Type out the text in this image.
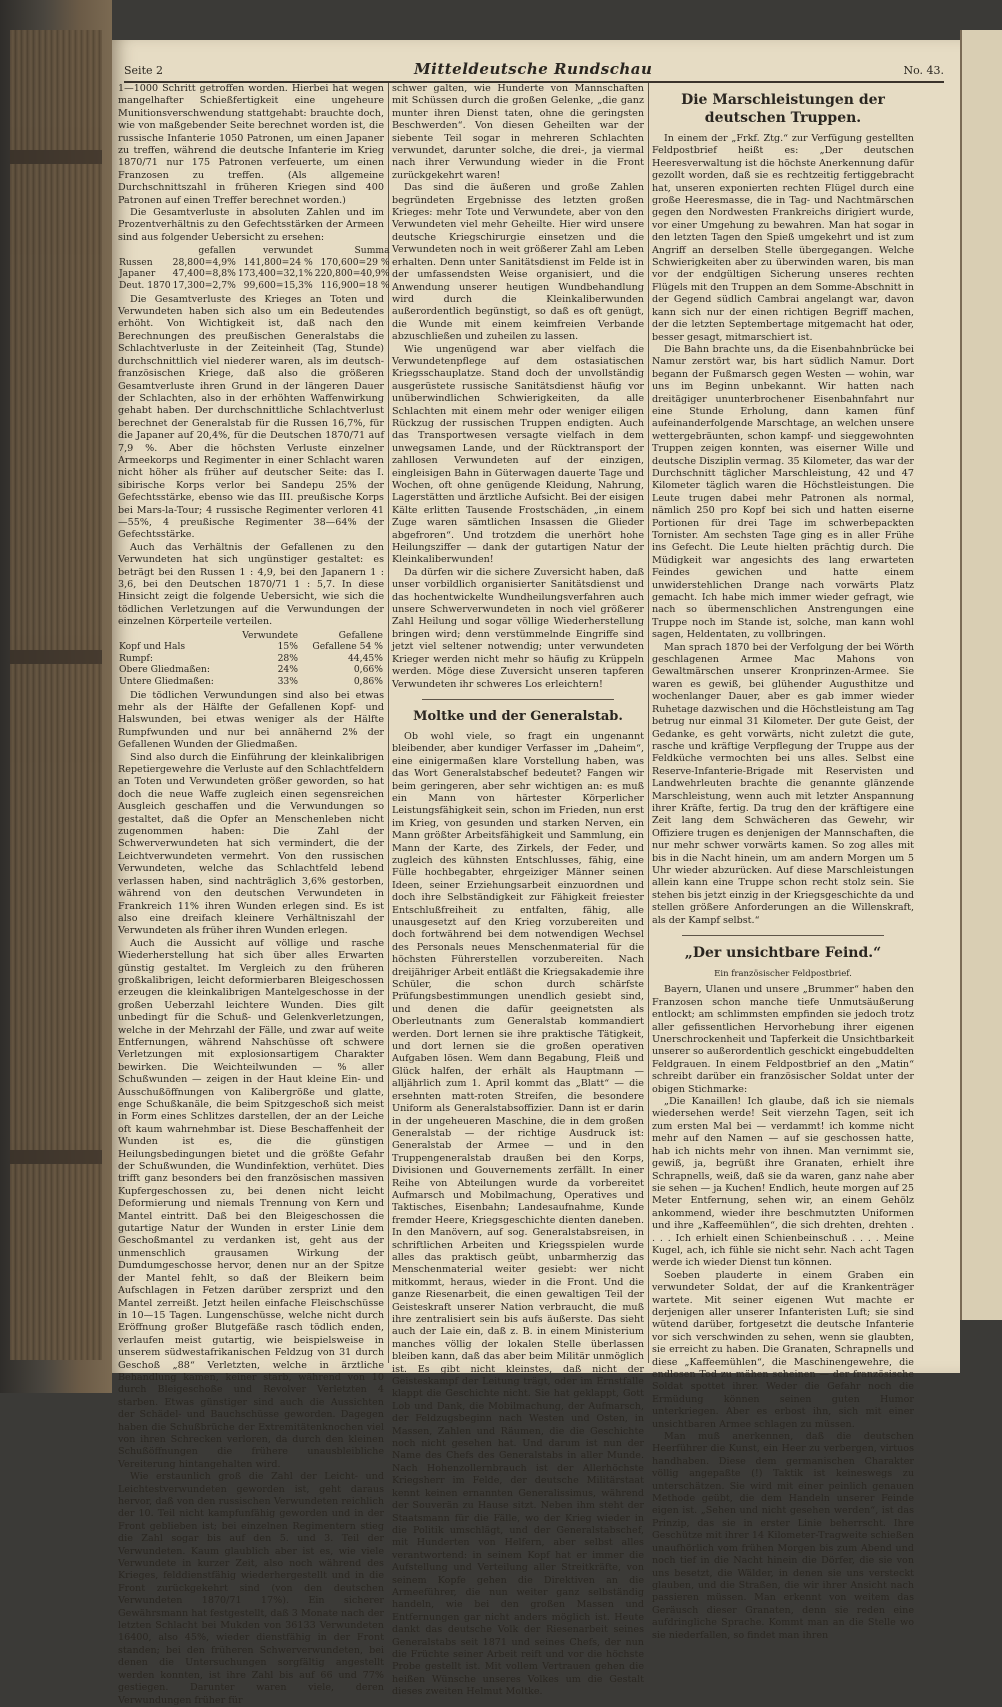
Seite 2	Mitteldeutsche Rundschau	No. 43.

1—1000 Schritt getroffen worden. Hierbei hat wegen mangelhafter Schießfertigkeit eine ungeheure Munitionsverschwendung stattgehabt: brauchte doch, wie von maßgebender Seite berechnet worden ist, die russische Infanterie 1050 Patronen, um einen Japaner zu treffen, während die deutsche Infanterie im Krieg 1870/71 nur 175 Patronen verfeuerte, um einen Franzosen zu treffen. (Als allgemeine Durchschnittszahl in früheren Kriegen sind 400 Patronen auf einen Treffer berechnet worden.)

Die Gesamtverluste in absoluten Zahlen und im Prozentverhältnis zu den Gefechtsstärken der Armeen sind aus folgender Uebersicht zu ersehen:

	gefallen	verwundet	Summa
Russen	28,800=4,9%	141,800=24 %	170,600=29 %
Japaner	47,400=8,8%	173,400=32,1%	220,800=40,9%
Deut. 1870	17,300=2,7%	99,600=15,3%	116,900=18 %

Die Gesamtverluste des Krieges an Toten und Verwundeten haben sich also um ein Bedeutendes erhöht. Von Wichtigkeit ist, daß nach den Berechnungen des preußischen Generalstabs die Schlachtverluste in der Zeiteinheit (Tag, Stunde) durchschnittlich viel niederer waren, als im deutsch-französischen Kriege, daß also die größeren Gesamtverluste ihren Grund in der längeren Dauer der Schlachten, also in der erhöhten Waffenwirkung gehabt haben. Der durchschnittliche Schlachtverlust berechnet der Generalstab für die Russen 16,7%, für die Japaner auf 20,4%, für die Deutschen 1870/71 auf 7,9 %. Aber die höchsten Verluste einzelner Armeekorps und Regimenter in einer Schlacht waren nicht höher als früher auf deutscher Seite: das I. sibirische Korps verlor bei Sandepu 25% der Gefechtsstärke, ebenso wie das III. preußische Korps bei Mars-la-Tour; 4 russische Regimenter verloren 41—55%, 4 preußische Regimenter 38—64% der Gefechtsstärke.

Auch das Verhältnis der Gefallenen zu den Verwundeten hat sich ungünstiger gestaltet: es beträgt bei den Russen 1 : 4,9, bei den Japanern 1 : 3,6, bei den Deutschen 1870/71 1 : 5,7. In diese Hinsicht zeigt die folgende Uebersicht, wie sich die tödlichen Verletzungen auf die Verwundungen der einzelnen Körperteile verteilen.

	Verwundete	Gefallene
Kopf und Hals	15%	Gefallene 54 %
Rumpf:	28%	44,45%
Obere Gliedmaßen:	24%	0,66%
Untere Gliedmaßen:	33%	0,86%

Die tödlichen Verwundungen sind also bei etwas mehr als der Hälfte der Gefallenen Kopf- und Halswunden, bei etwas weniger als der Hälfte Rumpfwunden und nur bei annähernd 2% der Gefallenen Wunden der Gliedmaßen.

Sind also durch die Einführung der kleinkalibrigen Repetiergewehre die Verluste auf den Schlachtfeldern an Toten und Verwundeten größer geworden, so hat doch die neue Waffe zugleich einen segensreichen Ausgleich geschaffen und die Verwundungen so gestaltet, daß die Opfer an Menschenleben nicht zugenommen haben: Die Zahl der Schwerverwundeten hat sich vermindert, die der Leichtverwundeten vermehrt. Von den russischen Verwundeten, welche das Schlachtfeld lebend verlassen haben, sind nachträglich 3,6% gestorben, während von den deutschen Verwundeten in Frankreich 11% ihren Wunden erlegen sind. Es ist also eine dreifach kleinere Verhältniszahl der Verwundeten als früher ihren Wunden erlegen.

Auch die Aussicht auf völlige und rasche Wiederherstellung hat sich über alles Erwarten günstig gestaltet. Im Vergleich zu den früheren großkalibrigen, leicht deformierbaren Bleigeschossen erzeugen die kleinkalibrigen Mantelgeschosse in der großen Ueberzahl leichtere Wunden. Dies gilt unbedingt für die Schuß- und Gelenkverletzungen, welche in der Mehrzahl der Fälle, und zwar auf weite Entfernungen, während Nahschüsse oft schwere Verletzungen mit explosionsartigem Charakter bewirken. Die Weichteilwunden — % aller Schußwunden — zeigen in der Haut kleine Ein- und Ausschußöffnungen von Kalibergröße und glatte, enge Schußkanäle, die beim Spitzgeschoß sich meist in Form eines Schlitzes darstellen, der an der Leiche oft kaum wahrnehmbar ist. Diese Beschaffenheit der Wunden ist es, die die günstigen Heilungsbedingungen bietet und die größte Gefahr der Schußwunden, die Wundinfektion, verhütet. Dies trifft ganz besonders bei den französischen massiven Kupfergeschossen zu, bei denen nicht leicht Deformierung und niemals Trennung von Kern und Mantel eintritt. Daß bei den Bleigeschossen die gutartige Natur der Wunden in erster Linie dem Geschoßmantel zu verdanken ist, geht aus der unmenschlich grausamen Wirkung der Dumdumgeschosse hervor, denen nur an der Spitze der Mantel fehlt, so daß der Bleikern beim Aufschlagen in Fetzen darüber zersprizt und den Mantel zerreißt. Jetzt heilen einfache Fleischschüsse in 10—15 Tagen. Lungenschüsse, welche nicht durch Eröffnung großer Blutgefäße rasch tödlich enden, verlaufen meist gutartig, wie beispielsweise in unserem südwestafrikanischen Feldzug von 31 durch Geschoß „88“ Verletzten, welche in ärztliche Behandlung kamen, keiner starb, während von 10 durch Bleigeschoße und Revolver Verletzten 4 starben. Etwas günstiger sind auch die Aussichten der Schädel- und Bauchschüsse geworden. Dagegen haben die Schußbrüche der Extremitätenknochen viel von ihren Schrecken verloren, da durch den kleinen Schußöffnungen die frühere unausbleibliche Vereiterung hintangehalten wird.

Wie erstaunlich groß die Zahl der Leicht- und Leichtestverwundeten geworden ist, geht daraus hervor, daß von den russischen Verwundeten reichlich der 10. Teil nicht kampfunfähig geworden und in der Front geblieben ist; bei einzelnen Regimentern stieg die Zahl sogar bis auf den 5. und 3. Teil der Verwundeten. Kaum glaublich aber ist es, wie viele Verwundete in kurzer Zeit, also noch während des Krieges, felddienstfähig wiederhergestellt und in die Front zurückgekehrt sind (von den deutschen Verwundeten 1870/71 17%). Ein sicherer Gewährsmann hat festgestellt, daß 3 Monate nach der letzten Schlacht bei Mukden von 36133 Verwundeten 16400, also 45%, wieder dienstfähig in der Front standen; bei den früheren Schwerverwundeten, bei denen die Untersuchungen sorgfältig angestellt werden konnten, ist ihre Zahl bis auf 66 und 77% gestiegen. Darunter waren viele, deren Verwundungen früher für

schwer galten, wie Hunderte von Mannschaften mit Schüssen durch die großen Gelenke, „die ganz munter ihren Dienst taten, ohne die geringsten Beschwerden“. Von diesen Geheilten war der siebente Teil sogar in mehreren Schlachten verwundet, darunter solche, die drei-, ja viermal nach ihrer Verwundung wieder in die Front zurückgekehrt waren!

Das sind die äußeren und große Zahlen begründeten Ergebnisse des letzten großen Krieges: mehr Tote und Verwundete, aber von den Verwundeten viel mehr Geheilte. Hier wird unsere deutsche Kriegschirurgie einsetzen und die Verwundeten noch in weit größerer Zahl am Leben erhalten. Denn unter Sanitätsdienst im Felde ist in der umfassendsten Weise organisiert, und die Anwendung unserer heutigen Wundbehandlung wird durch die Kleinkaliberwunden außerordentlich begünstigt, so daß es oft genügt, die Wunde mit einem keimfreien Verbande abzuschließen und zuheilen zu lassen.

Wie ungenügend war aber vielfach die Verwundetenpflege auf dem ostasiatischen Kriegsschauplatze. Stand doch der unvollständig ausgerüstete russische Sanitätsdienst häufig vor unüberwindlichen Schwierigkeiten, da alle Schlachten mit einem mehr oder weniger eiligen Rückzug der russischen Truppen endigten. Auch das Transportwesen versagte vielfach in dem unwegsamen Lande, und der Rücktransport der zahllosen Verwundeten auf der einzigen, eingleisigen Bahn in Güterwagen dauerte Tage und Wochen, oft ohne genügende Kleidung, Nahrung, Lagerstätten und ärztliche Aufsicht. Bei der eisigen Kälte erlitten Tausende Frostschäden, „in einem Zuge waren sämtlichen Insassen die Glieder abgefroren“. Und trotzdem die unerhört hohe Heilungsziffer — dank der gutartigen Natur der Kleinkaliberwunden!

Da dürfen wir die sichere Zuversicht haben, daß unser vorbildlich organisierter Sanitätsdienst und das hochentwickelte Wundheilungsverfahren auch unsere Schwerverwundeten in noch viel größerer Zahl Heilung und sogar völlige Wiederherstellung bringen wird; denn verstümmelnde Eingriffe sind jetzt viel seltener notwendig; unter verwundeten Krieger werden nicht mehr so häufig zu Krüppeln werden. Möge diese Zuversicht unseren tapferen Verwundeten ihr schweres Los erleichtern!

Moltke und der Generalstab.

Ob wohl viele, so fragt ein ungenannt bleibender, aber kundiger Verfasser im „Daheim“, eine einigermaßen klare Vorstellung haben, was das Wort Generalstabschef bedeutet? Fangen wir beim geringeren, aber sehr wichtigen an: es muß ein Mann von härtester Körperlicher Leistungsfähigkeit sein, schon im Frieden, nun erst im Krieg, von gesunden und starken Nerven, ein Mann größter Arbeitsfähigkeit und Sammlung, ein Mann der Karte, des Zirkels, der Feder, und zugleich des kühnsten Entschlusses, fähig, eine Fülle hochbegabter, ehrgeiziger Männer seinen Ideen, seiner Erziehungsarbeit einzuordnen und doch ihre Selbständigkeit zur Fähigkeit freiester Entschlußfreiheit zu entfalten, fähig, alle unausgesetzt auf den Krieg vorzubereiten und doch fortwährend bei dem notwendigen Wechsel des Personals neues Menschenmaterial für die höchsten Führerstellen vorzubereiten. Nach dreijähriger Arbeit entläßt die Kriegsakademie ihre Schüler, die schon durch schärfste Prüfungsbestimmungen unendlich gesiebt sind, und denen die dafür geeignetsten als Oberleutnants zum Generalstab kommandiert werden. Dort lernen sie ihre praktische Tätigkeit, und dort lernen sie die großen operativen Aufgaben lösen. Wem dann Begabung, Fleiß und Glück halfen, der erhält als Hauptmann — alljährlich zum 1. April kommt das „Blatt“ — die ersehnten matt-roten Streifen, die besondere Uniform als Generalstabsoffizier. Dann ist er darin in der ungeheueren Maschine, die in dem großen Generalstab — der richtige Ausdruck ist: Generalstab der Armee — und in den Truppengeneralstab draußen bei den Korps, Divisionen und Gouvernements zerfällt. In einer Reihe von Abteilungen wurde da vorbereitet Aufmarsch und Mobilmachung, Operatives und Taktisches, Eisenbahn; Landesaufnahme, Kunde fremder Heere, Kriegsgeschichte dienten daneben. In den Manövern, auf sog. Generalstabsreisen, in schriftlichen Arbeiten und Kriegsspielen wurde alles das praktisch geübt, unbarmherzig das Menschenmaterial weiter gesiebt: wer nicht mitkommt, heraus, wieder in die Front. Und die ganze Riesenarbeit, die einen gewaltigen Teil der Geisteskraft unserer Nation verbraucht, die muß ihre zentralisiert sein bis aufs äußerste. Das sieht auch der Laie ein, daß z. B. in einem Ministerium manches völlig der lokalen Stelle überlassen bleiben kann, daß das aber beim Militär unmöglich ist. Es gibt nicht kleinstes, daß nicht der Geisteskampf der Leitung trägt, oder im Ernstfalle klappt die Geschichte nicht. Sie hat geklappt, Gott Lob und Dank, die Mobilmachung, der Aufmarsch, der Feldzugsbeginn nach Westen und Osten, in Massen, Zahlen und Räumen, die die Geschichte noch nicht gesehen hat. Und darum ist nun der Name des Chefs des Generalstabs in aller Munde. Nach Hohenzollernbrauch ist der Allerhöchste Kriegsherr im Felde, der deutsche Militärstaat kennt keinen ernannten Generalissimus, während der Souverän zu Hause sitzt. Neben ihm steht der Staatsmann für die Fälle, wo der Krieg wieder in die Politik umschlägt, und der Generalstabschef, mit Hunderten von Helfern, aber selbst alles verantwortend: in seinem Kopf hat er immer die Aufstellung und Verteilung aller Streitkräfte, von seinem Kopfe gehen die Direktiven an die Armeeführer, die nun weiter ganz selbständig handeln, wie bei den großen Massen und Entfernungen gar nicht anders möglich ist. Heute dankt das deutsche Volk der Riesenarbeit seines Generalstabs seit 1871 und seines Chefs, der nun die Früchte seiner Arbeit reift und vor die höchste Probe gestellt ist. Mit vollem Vertrauen gehen die heißen Wünsche unseres Volkes um die Gestalt dieses zweiten Helmut Moltke.

Die Marschleistungen der deutschen Truppen.

In einem der „Frkf. Ztg.“ zur Verfügung gestellten Feldpostbrief heißt es: „Der deutschen Heeresverwaltung ist die höchste Anerkennung dafür gezollt worden, daß sie es rechtzeitig fertiggebracht hat, unseren exponierten rechten Flügel durch eine große Heeresmasse, die in Tag- und Nachtmärschen gegen den Nordwesten Frankreichs dirigiert wurde, vor einer Umgehung zu bewahren. Man hat sogar in den letzten Tagen den Spieß umgekehrt und ist zum Angriff an derselben Stelle übergegangen. Welche Schwierigkeiten aber zu überwinden waren, bis man vor der endgültigen Sicherung unseres rechten Flügels mit den Truppen an dem Somme-Abschnitt in der Gegend südlich Cambrai angelangt war, davon kann sich nur der einen richtigen Begriff machen, der die letzten Septembertage mitgemacht hat oder, besser gesagt, mitmarschiert ist.

Die Bahn brachte uns, da die Eisenbahnbrücke bei Namur zerstört war, bis hart südlich Namur. Dort begann der Fußmarsch gegen Westen — wohin, war uns im Beginn unbekannt. Wir hatten nach dreitägiger ununterbrochener Eisenbahnfahrt nur eine Stunde Erholung, dann kamen fünf aufeinanderfolgende Marschtage, an welchen unsere wettergebräunten, schon kampf- und sieggewohnten Truppen zeigen konnten, was eiserner Wille und deutsche Disziplin vermag. 35 Kilometer, das war der Durchschnitt täglicher Marschleistung, 42 und 47 Kilometer täglich waren die Höchstleistungen. Die Leute trugen dabei mehr Patronen als normal, nämlich 250 pro Kopf bei sich und hatten eiserne Portionen für drei Tage im schwerbepackten Tornister. Am sechsten Tage ging es in aller Frühe ins Gefecht. Die Leute hielten prächtig durch. Die Müdigkeit war angesichts des lang erwarteten Feindes gewichen und hatte einem unwiderstehlichen Drange nach vorwärts Platz gemacht. Ich habe mich immer wieder gefragt, wie nach so übermenschlichen Anstrengungen eine Truppe noch im Stande ist, solche, man kann wohl sagen, Heldentaten, zu vollbringen.

Man sprach 1870 bei der Verfolgung der bei Wörth geschlagenen Armee Mac Mahons von Gewaltmärschen unserer Kronprinzen-Armee. Sie waren es gewiß, bei glühender Augusthitze und wochenlanger Dauer, aber es gab immer wieder Ruhetage dazwischen und die Höchstleistung am Tag betrug nur einmal 31 Kilometer. Der gute Geist, der Gedanke, es geht vorwärts, nicht zuletzt die gute, rasche und kräftige Verpflegung der Truppe aus der Feldküche vermochten bei uns alles. Selbst eine Reserve-Infanterie-Brigade mit Reservisten und Landwehrleuten brachte die genannte glänzende Marschleistung, wenn auch mit letzter Anspannung ihrer Kräfte, fertig. Da trug den der kräftigere eine Zeit lang dem Schwächeren das Gewehr, wir Offiziere trugen es denjenigen der Mannschaften, die nur mehr schwer vorwärts kamen. So zog alles mit bis in die Nacht hinein, um am andern Morgen um 5 Uhr wieder abzurücken. Auf diese Marschleistungen allein kann eine Truppe schon recht stolz sein. Sie stehen bis jetzt einzig in der Kriegsgeschichte da und stellen größere Anforderungen an die Willenskraft, als der Kampf selbst.“

„Der unsichtbare Feind.“
Ein französischer Feldpostbrief.

Bayern, Ulanen und unsere „Brummer“ haben den Franzosen schon manche tiefe Unmutsäußerung entlockt; am schlimmsten empfinden sie jedoch trotz aller gefissentlichen Hervorhebung ihrer eigenen Unerschrockenheit und Tapferkeit die Unsichtbarkeit unserer so außerordentlich geschickt eingebuddelten Feldgrauen. In einem Feldpostbrief an den „Matin“ schreibt darüber ein französischer Soldat unter der obigen Stichmarke:

„Die Kanaillen! Ich glaube, daß ich sie niemals wiedersehen werde! Seit vierzehn Tagen, seit ich zum ersten Mal bei — verdammt! ich komme nicht mehr auf den Namen — auf sie geschossen hatte, hab ich nichts mehr von ihnen. Man vernimmt sie, gewiß, ja, begrüßt ihre Granaten, erhielt ihre Schrapnells, weiß, daß sie da waren, ganz nahe aber sie sehen — ja Kuchen! Endlich, heute morgen auf 25 Meter Entfernung, sehen wir, an einem Gehölz ankommend, wieder ihre beschmutzten Uniformen und ihre „Kaffeemühlen“, die sich drehten, drehten . . . . Ich erhielt einen Schienbeinschuß . . . . Meine Kugel, ach, ich fühle sie nicht sehr. Nach acht Tagen werde ich wieder Dienst tun können.

Soeben plauderte in einem Graben ein verwundeter Soldat, der auf die Krankenträger wartete. Mit seiner eigenen Wut machte er derjenigen aller unserer Infanteristen Luft; sie sind wütend darüber, fortgesetzt die deutsche Infanterie vor sich verschwinden zu sehen, wenn sie glaubten, sie erreicht zu haben. Die Granaten, Schrapnells und diese „Kaffeemühlen“, die Maschinengewehre, die endlosen Tod zu mähen scheinen — der französische Soldat spottet ihrer. Weder die Gefahr noch die Ermüdung können seinen guten Humor unterkriegen. Aber es erbost ihn, sich mit einer unsichtbaren Armee schlagen zu müssen.

Man muß anerkennen, daß die deutschen Heerführer die Kunst, ein Heer zu verbergen, virtuos handhaben. Diese dem germanischen Charakter völlig angepaßte (!) Taktik ist keineswegs zu unterschätzen. Sie wird mit einer peinlich genauen Methode geübt, die dem Handeln unserer Feinde eigen ist. „Sehen und nicht gesehen werden“, ist das Prinzip, das sie in erster Linie beherrscht. Ihre Geschütze mit ihrer 14 Kilometer-Tragweite schießen unaufhörlich vom frühen Morgen bis zum Abend und noch tief in die Nacht hinein die Dörfer, die sie von uns besetzt, die Wälder, in denen sie uns versteckt glauben, und die Straßen, die wir ihrer Ansicht nach passieren müssen. Man erkennt von weitem das Geräusch dieser Granaten, denn sie reden eine aufdringliche Sprache. Kommt man an die Stelle wo sie niederfallen, so findet man ihren
